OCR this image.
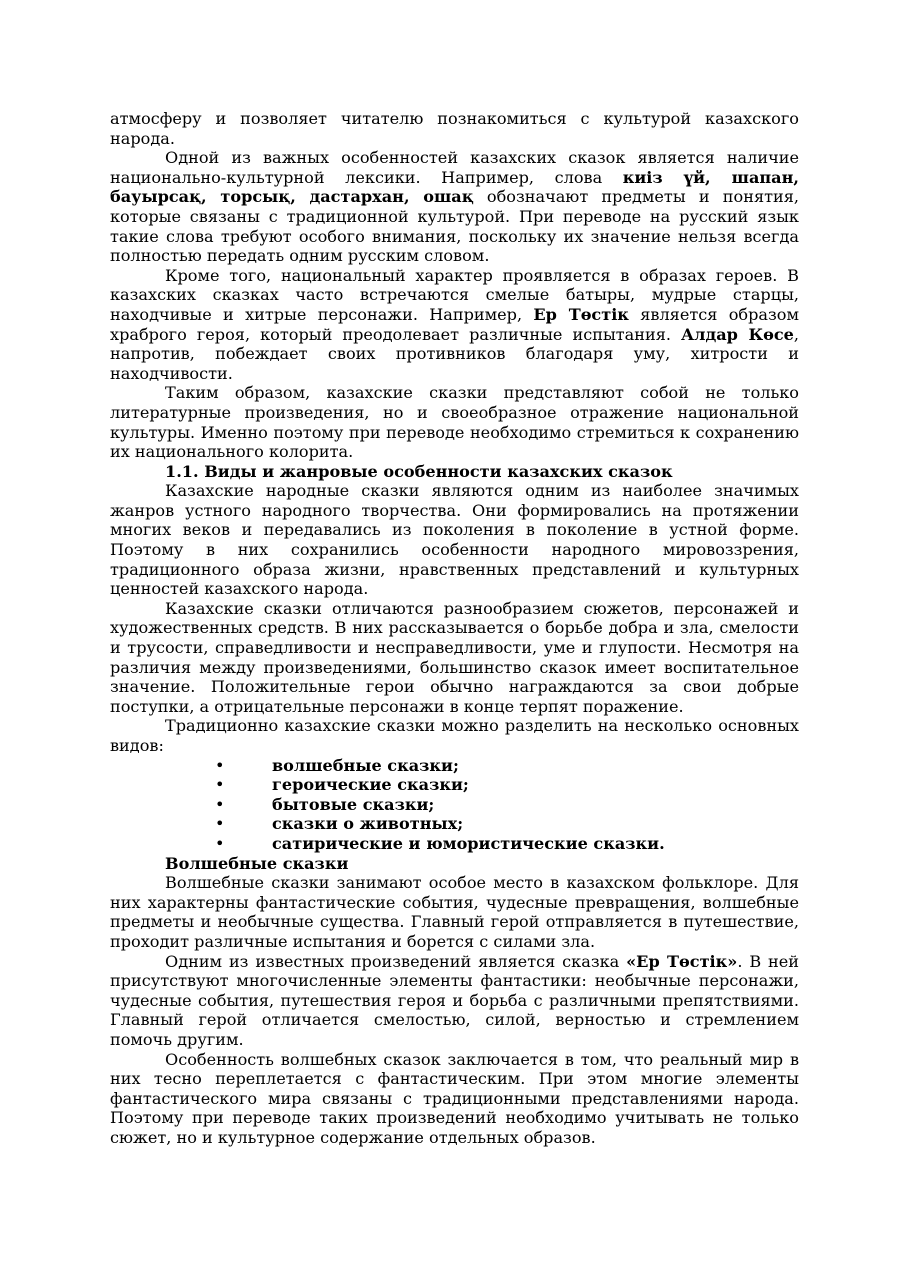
атмосферу и позволяет читателю познакомиться с культурой казахского народа.

Одной из важных особенностей казахских сказок является наличие национально-культурной лексики. Например, слова киіз үй, шапан, бауырсақ, торсық, дастархан, ошақ обозначают предметы и понятия, которые связаны с традиционной культурой. При переводе на русский язык такие слова требуют особого внимания, поскольку их значение нельзя всегда полностью передать одним русским словом.

Кроме того, национальный характер проявляется в образах героев. В казахских сказках часто встречаются смелые батыры, мудрые старцы, находчивые и хитрые персонажи. Например, Ер Төстік является образом храброго героя, который преодолевает различные испытания. Алдар Көсе, напротив, побеждает своих противников благодаря уму, хитрости и находчивости.

Таким образом, казахские сказки представляют собой не только литературные произведения, но и своеобразное отражение национальной культуры. Именно поэтому при переводе необходимо стремиться к сохранению их национального колорита.

1.1. Виды и жанровые особенности казахских сказок

Казахские народные сказки являются одним из наиболее значимых жанров устного народного творчества. Они формировались на протяжении многих веков и передавались из поколения в поколение в устной форме. Поэтому в них сохранились особенности народного мировоззрения, традиционного образа жизни, нравственных представлений и культурных ценностей казахского народа.

Казахские сказки отличаются разнообразием сюжетов, персонажей и художественных средств. В них рассказывается о борьбе добра и зла, смелости и трусости, справедливости и несправедливости, уме и глупости. Несмотря на различия между произведениями, большинство сказок имеет воспитательное значение. Положительные герои обычно награждаются за свои добрые поступки, а отрицательные персонажи в конце терпят поражение.

Традиционно казахские сказки можно разделить на несколько основных видов:

•	волшебные сказки;
•	героические сказки;
•	бытовые сказки;
•	сказки о животных;
•	сатирические и юмористические сказки.
Волшебные сказки

Волшебные сказки занимают особое место в казахском фольклоре. Для них характерны фантастические события, чудесные превращения, волшебные предметы и необычные существа. Главный герой отправляется в путешествие, проходит различные испытания и борется с силами зла.

Одним из известных произведений является сказка «Ер Төстік». В ней присутствуют многочисленные элементы фантастики: необычные персонажи, чудесные события, путешествия героя и борьба с различными препятствиями. Главный герой отличается смелостью, силой, верностью и стремлением помочь другим.

Особенность волшебных сказок заключается в том, что реальный мир в них тесно переплетается с фантастическим. При этом многие элементы фантастического мира связаны с традиционными представлениями народа. Поэтому при переводе таких произведений необходимо учитывать не только сюжет, но и культурное содержание отдельных образов.
